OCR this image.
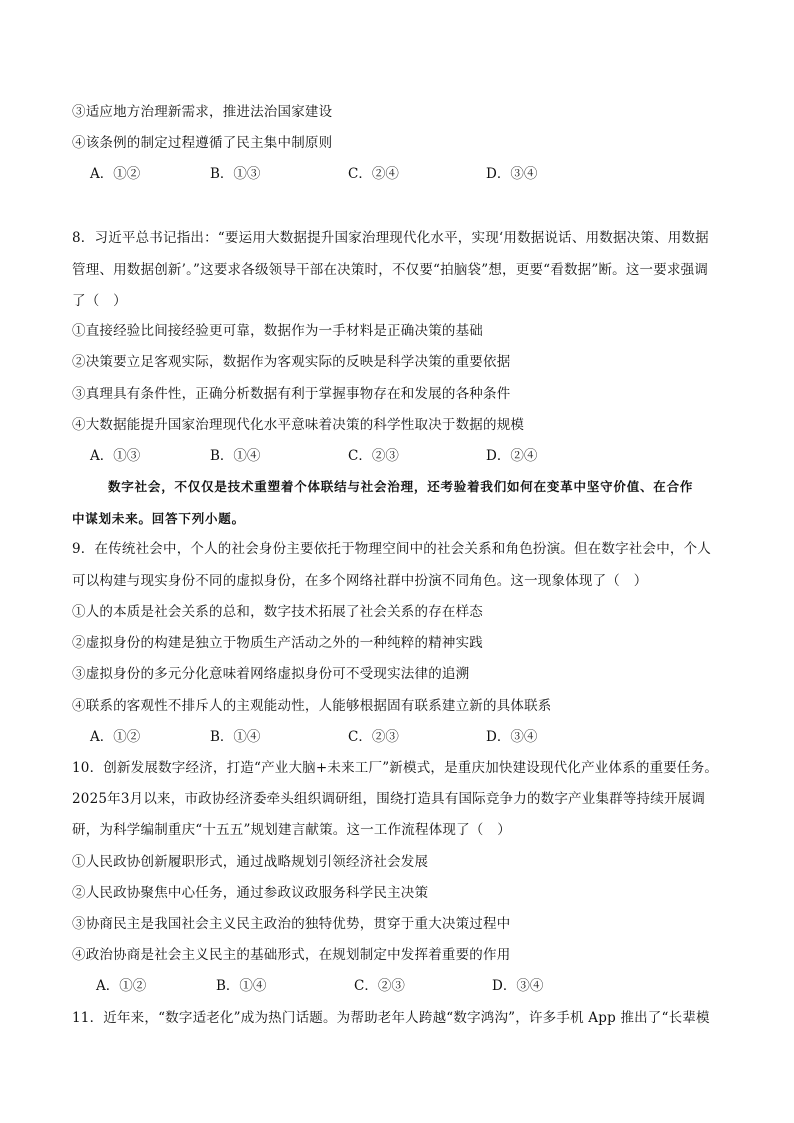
③适应地方治理新需求，推进法治国家建设
④该条例的制定过程遵循了民主集中制原则
A．①②	B．①③	C．②④	D．③④
8．习近平总书记指出：“要运用大数据提升国家治理现代化水平，实现‘用数据说话、用数据决策、用数据
管理、用数据创新’。”这要求各级领导干部在决策时，不仅要“拍脑袋”想，更要“看数据”断。这一要求强调
了（　）
①直接经验比间接经验更可靠，数据作为一手材料是正确决策的基础
②决策要立足客观实际，数据作为客观实际的反映是科学决策的重要依据
③真理具有条件性，正确分析数据有利于掌握事物存在和发展的各种条件
④大数据能提升国家治理现代化水平意味着决策的科学性取决于数据的规模
A．①③	B．①④	C．②③	D．②④
数字社会，不仅仅是技术重塑着个体联结与社会治理，还考验着我们如何在变革中坚守价值、在合作
中谋划未来。回答下列小题。
9．在传统社会中，个人的社会身份主要依托于物理空间中的社会关系和角色扮演。但在数字社会中，个人
可以构建与现实身份不同的虚拟身份，在多个网络社群中扮演不同角色。这一现象体现了（　）
①人的本质是社会关系的总和，数字技术拓展了社会关系的存在样态
②虚拟身份的构建是独立于物质生产活动之外的一种纯粹的精神实践
③虚拟身份的多元分化意味着网络虚拟身份可不受现实法律的追溯
④联系的客观性不排斥人的主观能动性，人能够根据固有联系建立新的具体联系
A．①②	B．①④	C．②③	D．③④
10．创新发展数字经济，打造“产业大脑+未来工厂”新模式，是重庆加快建设现代化产业体系的重要任务。
2025年3月以来，市政协经济委牵头组织调研组，围绕打造具有国际竞争力的数字产业集群等持续开展调
研，为科学编制重庆“十五五”规划建言献策。这一工作流程体现了（　）
①人民政协创新履职形式，通过战略规划引领经济社会发展
②人民政协聚焦中心任务，通过参政议政服务科学民主决策
③协商民主是我国社会主义民主政治的独特优势，贯穿于重大决策过程中
④政治协商是社会主义民主的基础形式，在规划制定中发挥着重要的作用
A．①②	B．①④	C．②③	D．③④
11．近年来，“数字适老化”成为热门话题。为帮助老年人跨越“数字鸿沟”，许多手机 App 推出了“长辈模
